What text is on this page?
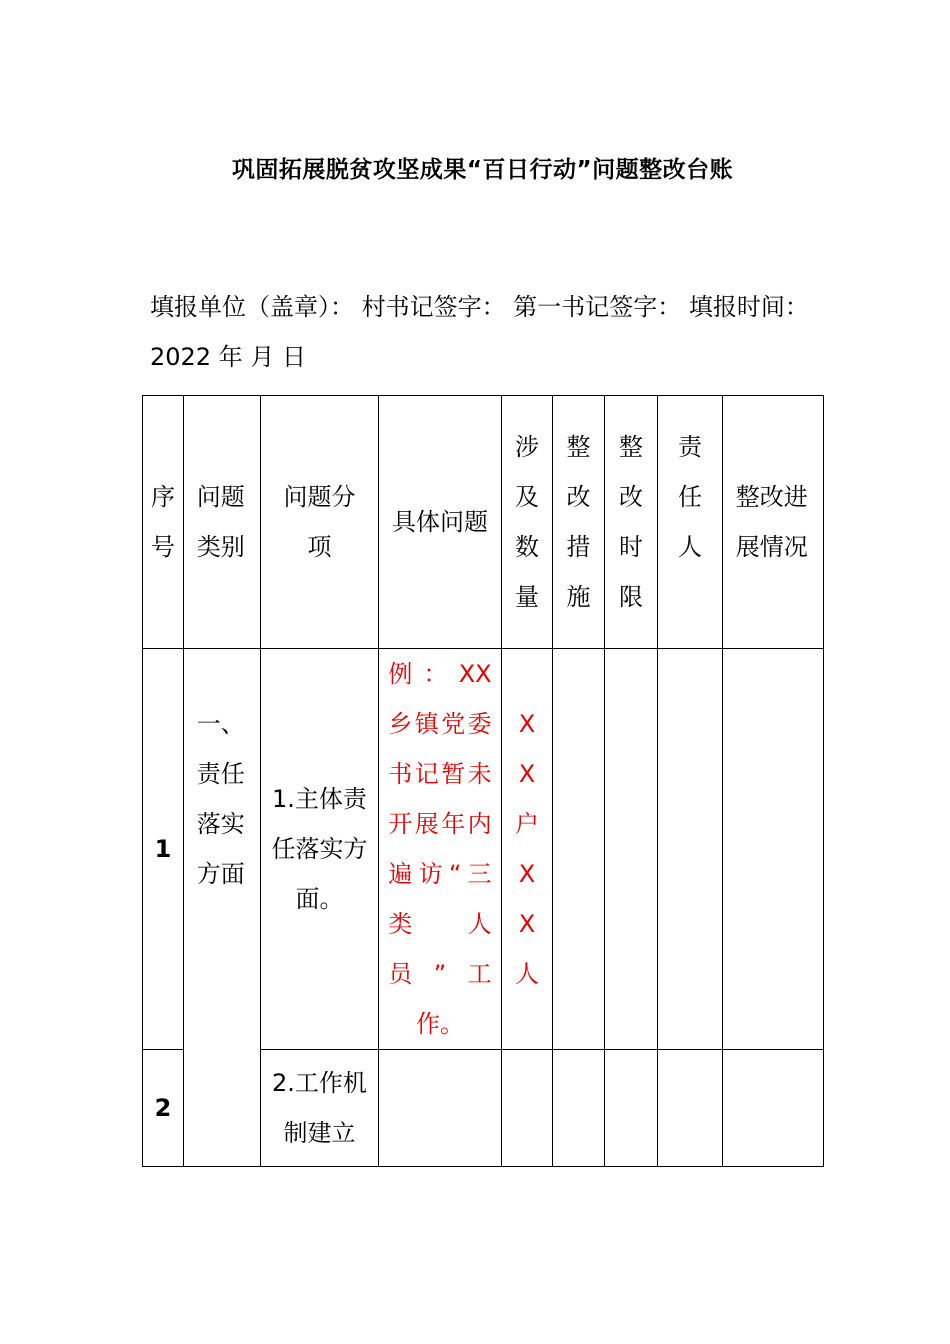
巩固拓展脱贫攻坚成果“百日行动”问题整改台账
填报单位（盖章）： 村书记签字： 第一书记签字： 填报时间：2022 年 月 日
序号	问题类别	问题分项	具体问题	涉及数量	整改措施	整改时限	责任人	整改进展情况
1	一、责任落实方面	1.主体责任落实方面。	例：XX乡镇党委书记暂未开展年内遍访“三类人员”工作。	XX户XX人				
2		2.工作机制建立						
